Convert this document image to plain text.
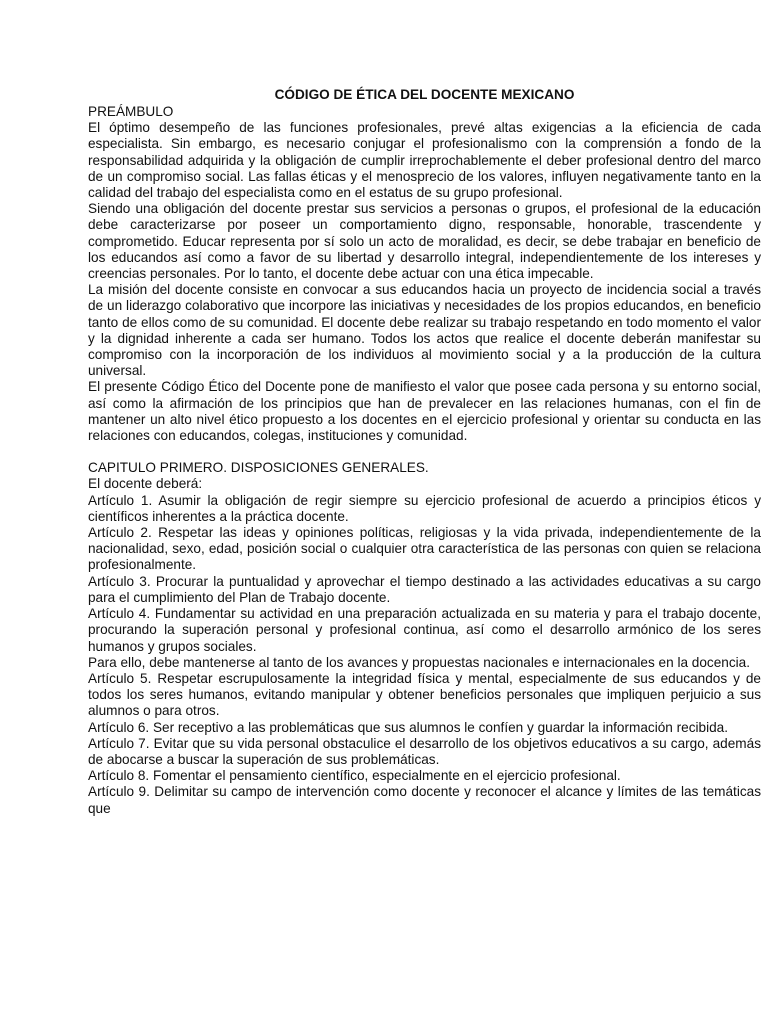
CÓDIGO DE ÉTICA DEL DOCENTE MEXICANO
PREÁMBULO

El óptimo desempeño de las funciones profesionales, prevé altas exigencias a la eficiencia de cada especialista. Sin embargo, es necesario conjugar el profesionalismo con la comprensión a fondo de la responsabilidad adquirida y la obligación de cumplir irreprochablemente el deber profesional dentro del marco de un compromiso social. Las fallas éticas y el menosprecio de los valores, influyen negativamente tanto en la calidad del trabajo del especialista como en el estatus de su grupo profesional.

Siendo una obligación del docente prestar sus servicios a personas o grupos, el profesional de la educación debe caracterizarse por poseer un comportamiento digno, responsable, honorable, trascendente y comprometido. Educar representa por sí solo un acto de moralidad, es decir, se debe trabajar en beneficio de los educandos así como a favor de su libertad y desarrollo integral, independientemente de los intereses y creencias personales. Por lo tanto, el docente debe actuar con una ética impecable.

La misión del docente consiste en convocar a sus educandos hacia un proyecto de incidencia social a través de un liderazgo colaborativo que incorpore las iniciativas y necesidades de los propios educandos, en beneficio tanto de ellos como de su comunidad. El docente debe realizar su trabajo respetando en todo momento el valor y la dignidad inherente a cada ser humano. Todos los actos que realice el docente deberán manifestar su compromiso con la incorporación de los individuos al movimiento social y a la producción de la cultura universal.

El presente Código Ético del Docente pone de manifiesto el valor que posee cada persona y su entorno social, así como la afirmación de los principios que han de prevalecer en las relaciones humanas, con el fin de mantener un alto nivel ético propuesto a los docentes en el ejercicio profesional y orientar su conducta en las relaciones con educandos, colegas, instituciones y comunidad.

CAPITULO PRIMERO. DISPOSICIONES GENERALES.

El docente deberá:

Artículo 1. Asumir la obligación de regir siempre su ejercicio profesional de acuerdo a principios éticos y científicos inherentes a la práctica docente.

Artículo 2. Respetar las ideas y opiniones políticas, religiosas y la vida privada, independientemente de la nacionalidad, sexo, edad, posición social o cualquier otra característica de las personas con quien se relaciona profesionalmente.

Artículo 3. Procurar la puntualidad y aprovechar el tiempo destinado a las actividades educativas a su cargo para el cumplimiento del Plan de Trabajo docente.

Artículo 4. Fundamentar su actividad en una preparación actualizada en su materia y para el trabajo docente, procurando la superación personal y profesional continua, así como el desarrollo armónico de los seres humanos y grupos sociales.

Para ello, debe mantenerse al tanto de los avances y propuestas nacionales e internacionales en la docencia.

Artículo 5. Respetar escrupulosamente la integridad física y mental, especialmente de sus educandos y de todos los seres humanos, evitando manipular y obtener beneficios personales que impliquen perjuicio a sus alumnos o para otros.

Artículo 6. Ser receptivo a las problemáticas que sus alumnos le confíen y guardar la información recibida.

Artículo 7. Evitar que su vida personal obstaculice el desarrollo de los objetivos educativos a su cargo, además de abocarse a buscar la superación de sus problemáticas.

Artículo 8. Fomentar el pensamiento científico, especialmente en el ejercicio profesional.

Artículo 9. Delimitar su campo de intervención como docente y reconocer el alcance y límites de las temáticas que
